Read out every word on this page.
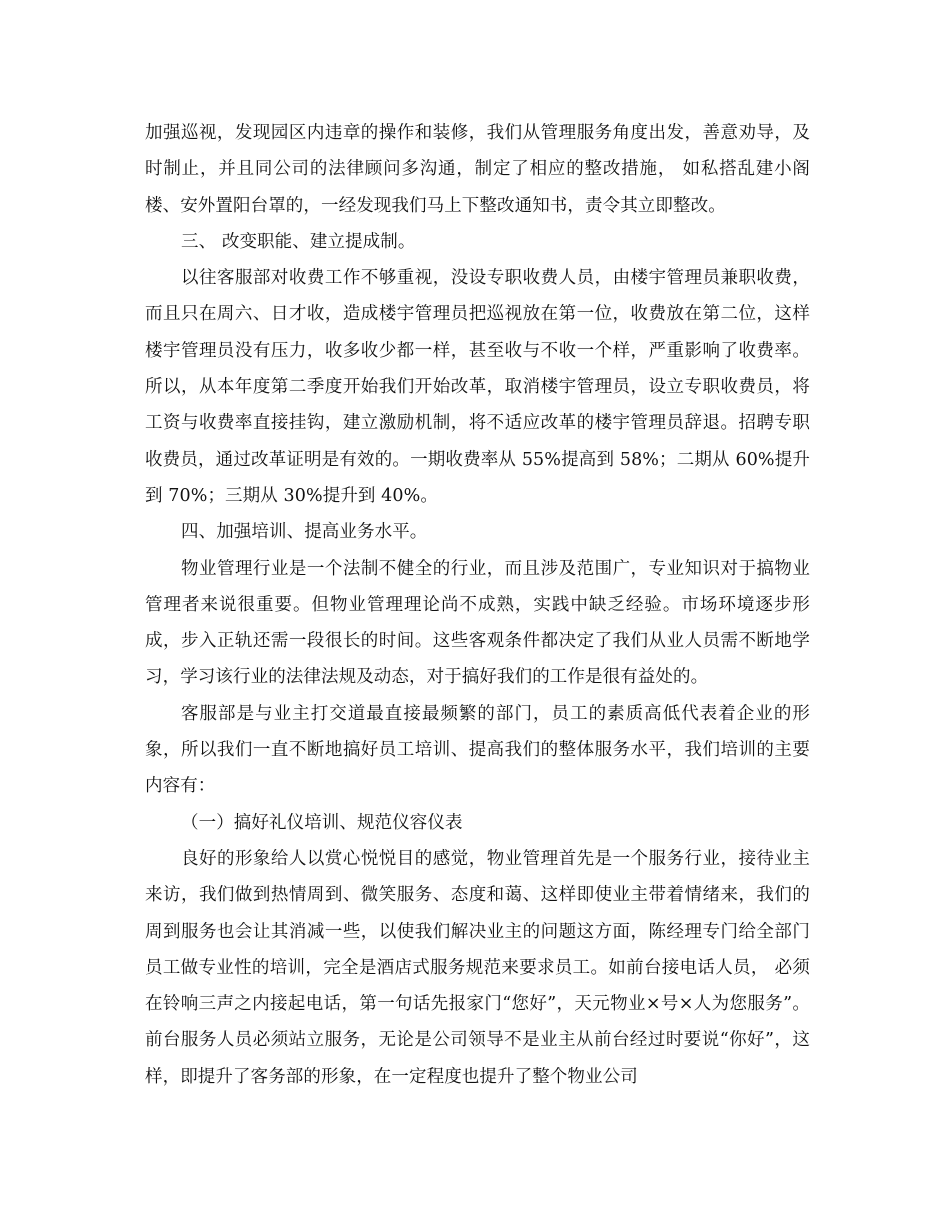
加强巡视，发现园区内违章的操作和装修，我们从管理服务角度出发，善意劝导，及时制止，并且同公司的法律顾问多沟通，制定了相应的整改措施， 如私搭乱建小阁楼、安外置阳台罩的，一经发现我们马上下整改通知书，责令其立即整改。

三、 改变职能、建立提成制。

以往客服部对收费工作不够重视，没设专职收费人员，由楼宇管理员兼职收费，而且只在周六、日才收，造成楼宇管理员把巡视放在第一位，收费放在第二位，这样楼宇管理员没有压力，收多收少都一样，甚至收与不收一个样，严重影响了收费率。所以，从本年度第二季度开始我们开始改革，取消楼宇管理员，设立专职收费员，将工资与收费率直接挂钩，建立激励机制，将不适应改革的楼宇管理员辞退。招聘专职收费员，通过改革证明是有效的。一期收费率从 55%提高到 58%；二期从 60%提升到 70%；三期从 30%提升到 40%。

四、加强培训、提高业务水平。

物业管理行业是一个法制不健全的行业，而且涉及范围广，专业知识对于搞物业管理者来说很重要。但物业管理理论尚不成熟，实践中缺乏经验。市场环境逐步形成，步入正轨还需一段很长的时间。这些客观条件都决定了我们从业人员需不断地学习，学习该行业的法律法规及动态，对于搞好我们的工作是很有益处的。

客服部是与业主打交道最直接最频繁的部门，员工的素质高低代表着企业的形象，所以我们一直不断地搞好员工培训、提高我们的整体服务水平，我们培训的主要内容有：

（一）搞好礼仪培训、规范仪容仪表

良好的形象给人以赏心悦悦目的感觉，物业管理首先是一个服务行业，接待业主来访，我们做到热情周到、微笑服务、态度和蔼、这样即使业主带着情绪来，我们的周到服务也会让其消减一些，以使我们解决业主的问题这方面，陈经理专门给全部门员工做专业性的培训，完全是酒店式服务规范来要求员工。如前台接电话人员， 必须在铃响三声之内接起电话，第一句话先报家门“您好”，天元物业×号×人为您服务”。前台服务人员必须站立服务，无论是公司领导不是业主从前台经过时要说“你好”，这样，即提升了客务部的形象，在一定程度也提升了整个物业公司
